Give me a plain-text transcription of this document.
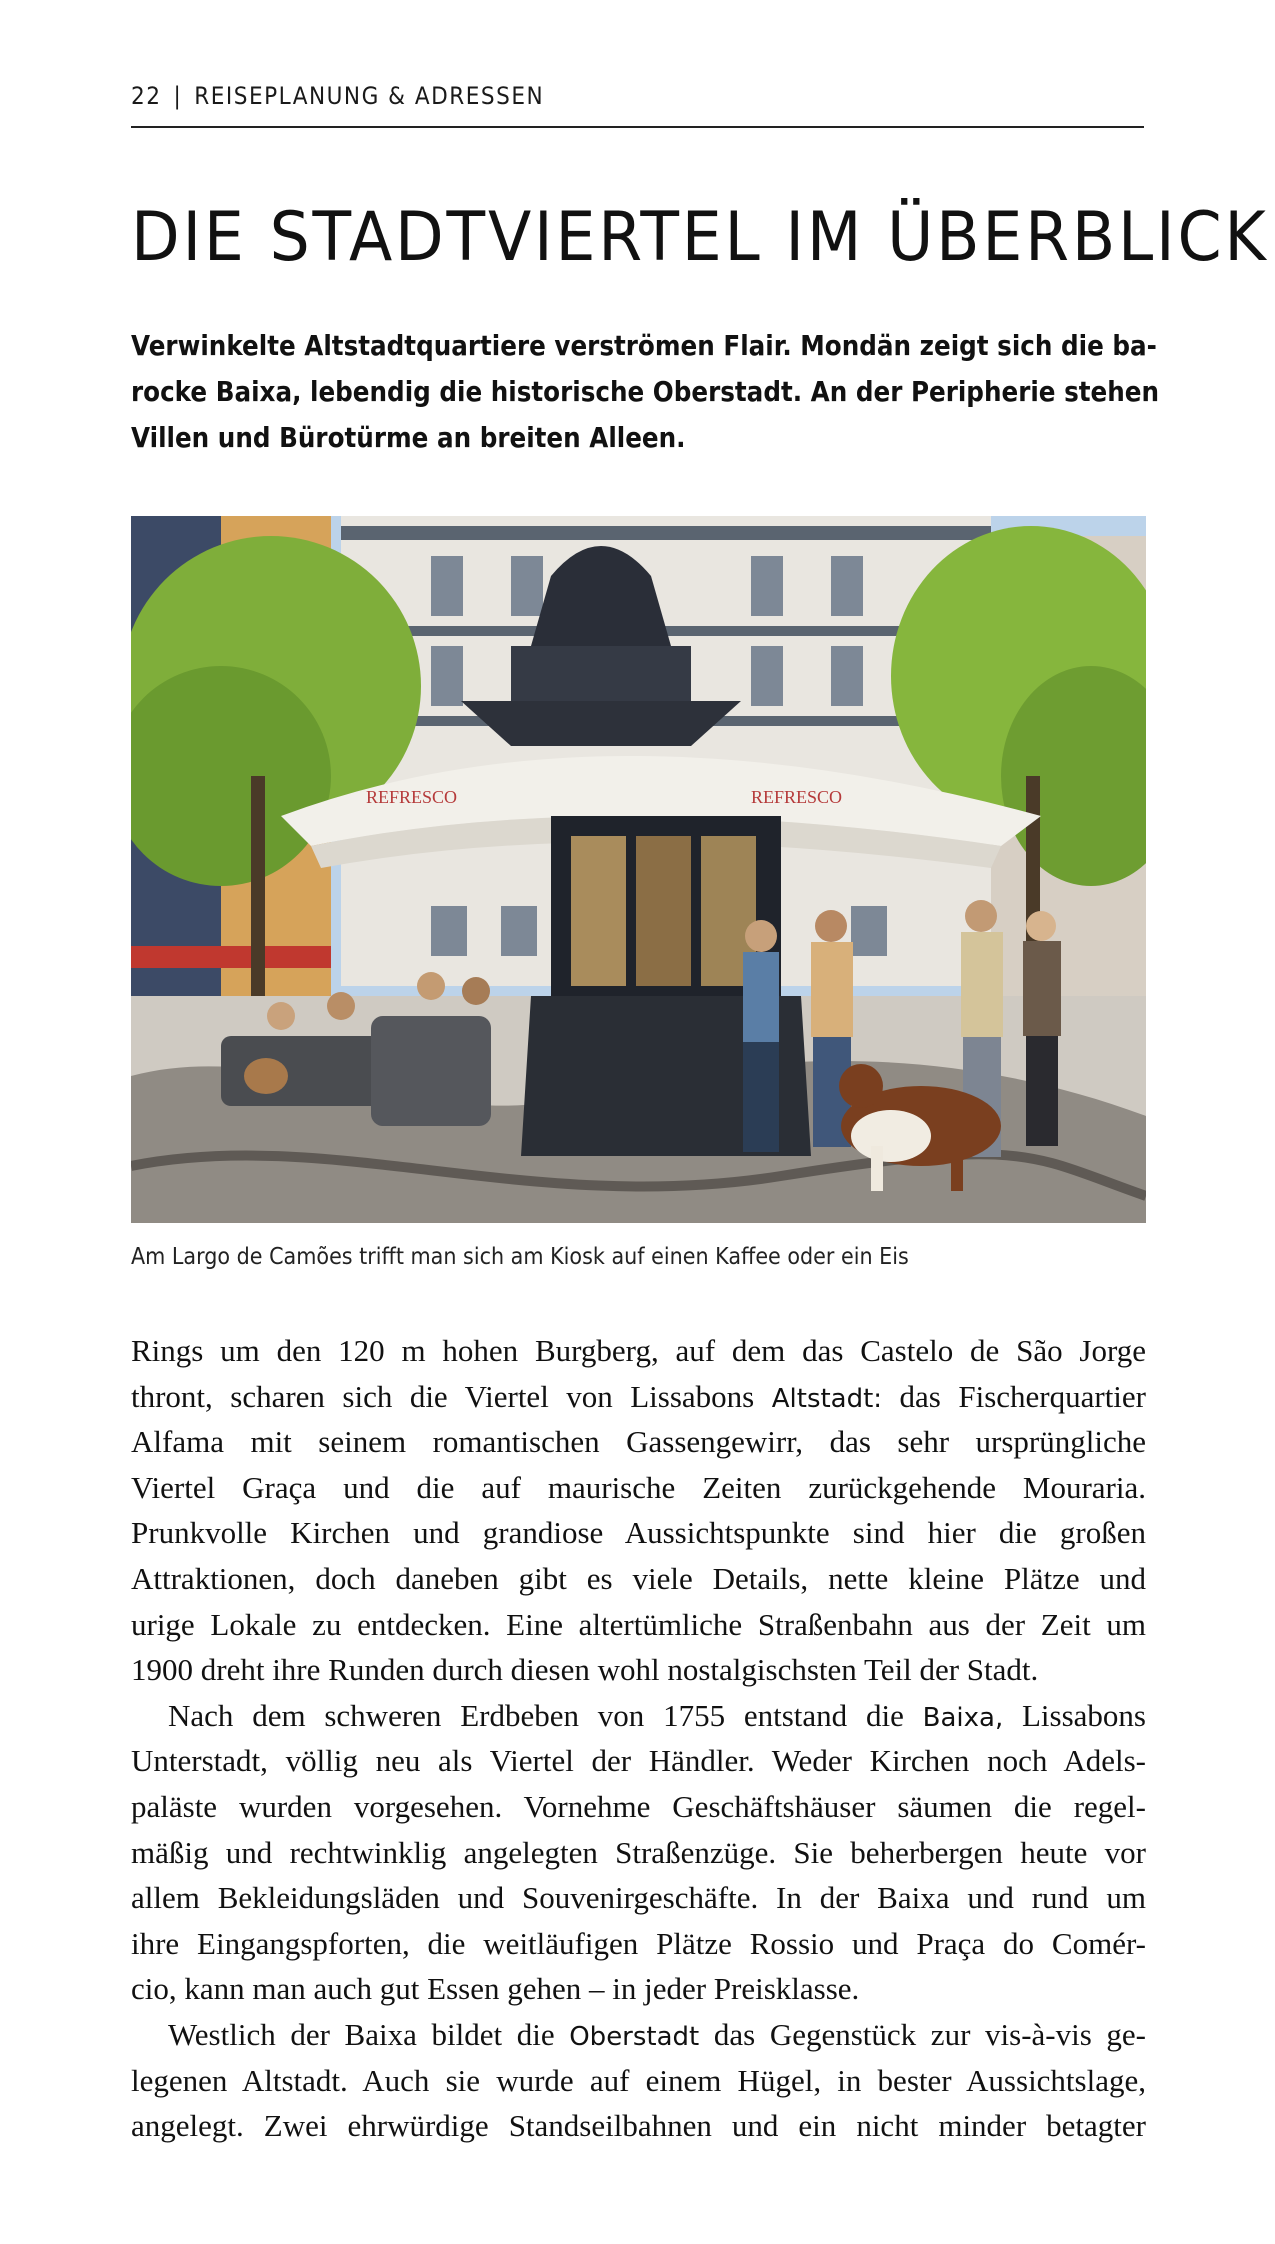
22 | REISEPLANUNG & ADRESSEN
DIE STADTVIERTEL IM ÜBERBLICK
Verwinkelte Altstadtquartiere verströmen Flair. Mondän zeigt sich die ba-
rocke Baixa, lebendig die historische Oberstadt. An der Peripherie stehen
Villen und Bürotürme an breiten Alleen.
REFRESCO	REFRESCO
Am Largo de Camões trifft man sich am Kiosk auf einen Kaffee oder ein Eis
Rings um den 120 m hohen Burgberg, auf dem das Castelo de São Jorge
thront, scharen sich die Viertel von Lissabons Altstadt: das Fischerquartier
Alfama mit seinem romantischen Gassengewirr, das sehr ursprüngliche
Viertel Graça und die auf maurische Zeiten zurückgehende Mouraria.
Prunkvolle Kirchen und grandiose Aussichtspunkte sind hier die großen
Attraktionen, doch daneben gibt es viele Details, nette kleine Plätze und
urige Lokale zu entdecken. Eine altertümliche Straßenbahn aus der Zeit um
1900 dreht ihre Runden durch diesen wohl nostalgischsten Teil der Stadt.
Nach dem schweren Erdbeben von 1755 entstand die Baixa, Lissabons
Unterstadt, völlig neu als Viertel der Händler. Weder Kirchen noch Adels-
paläste wurden vorgesehen. Vornehme Geschäftshäuser säumen die regel-
mäßig und rechtwinklig angelegten Straßenzüge. Sie beherbergen heute vor
allem Bekleidungsläden und Souvenirgeschäfte. In der Baixa und rund um
ihre Eingangspforten, die weitläufigen Plätze Rossio und Praça do Comér-
cio, kann man auch gut Essen gehen – in jeder Preisklasse.
Westlich der Baixa bildet die Oberstadt das Gegenstück zur vis-à-vis ge-
legenen Altstadt. Auch sie wurde auf einem Hügel, in bester Aussichtslage,
angelegt. Zwei ehrwürdige Standseilbahnen und ein nicht minder betagter
